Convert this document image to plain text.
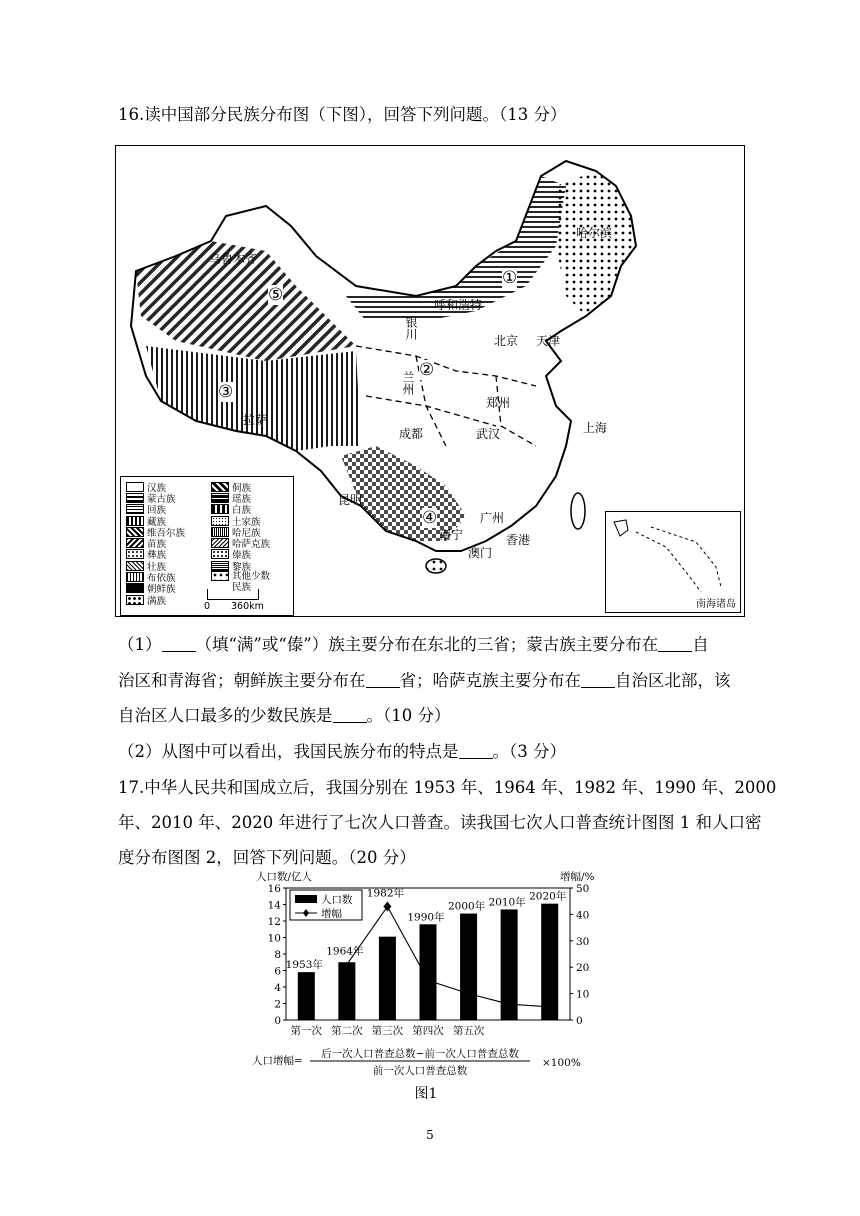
16.读中国部分民族分布图（下图），回答下列问题。（13 分）
哈尔滨
乌鲁木齐
呼和浩特
银川
北京 天津
兰州
郑州
拉萨
成都	武汉	上海
昆明
南宁
广州
香港
澳门
①
②
③
④
⑤
汉族
蒙古族
回族
藏族
维吾尔族
苗族
彝族
壮族
布依族
朝鲜族
满族
侗族
瑶族
白族
土家族
哈尼族
哈萨克族
傣族
黎族
其他少数民族
0 360km	南海诸岛
（1） （填“满”或“傣”）族主要分布在东北的三省；蒙古族主要分布在 自
治区和青海省；朝鲜族主要分布在 省；哈萨克族主要分布在 自治区北部，该
自治区人口最多的少数民族是 。（10 分）
（2）从图中可以看出，我国民族分布的特点是 。（3 分）
17.中华人民共和国成立后，我国分别在 1953 年、1964 年、1982 年、1990 年、2000
年、2010 年、2020 年进行了七次人口普查。读我国七次人口普查统计图图 1 和人口密
度分布图图 2，回答下列问题。（20 分）
人口数/亿人	增幅/%
0
2
4
6
8
10
12
14
16
0
10
20
30
40
50
第一次
1953年
第二次
1964年
第三次
1982年
第四次
1990年
第五次
2000年 2010年 2020年
人口数
增幅
人口增幅=
后一次人口普查总数−前一次人口普查总数
前一次人口普查总数
×100%
图1
5
